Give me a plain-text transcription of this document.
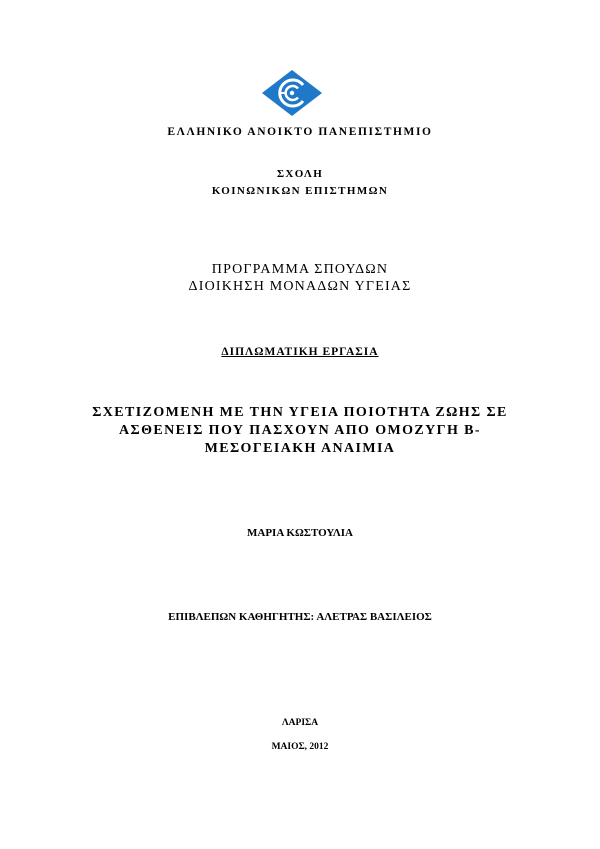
ΕΛΛΗΝΙΚΟ ΑΝΟΙΚΤΟ ΠΑΝΕΠΙΣΤΗΜΙΟ
ΣΧΟΛΗ
ΚΟΙΝΩΝΙΚΩΝ ΕΠΙΣΤΗΜΩΝ
ΠΡΟΓΡΑΜΜΑ ΣΠΟΥΔΩΝ
ΔΙΟΙΚΗΣΗ ΜΟΝΑΔΩΝ ΥΓΕΙΑΣ
ΔΙΠΛΩΜΑΤΙΚΗ ΕΡΓΑΣΙΑ
ΣΧΕΤΙΖΟΜΕΝΗ ΜΕ ΤΗΝ ΥΓΕΙΑ ΠΟΙΟΤΗΤΑ ΖΩΗΣ ΣΕ
ΑΣΘΕΝΕΙΣ ΠΟΥ ΠΑΣΧΟΥΝ ΑΠΟ ΟΜΟΖΥΓΗ Β-
ΜΕΣΟΓΕΙΑΚΗ ΑΝΑΙΜΙΑ
ΜΑΡΙΑ ΚΩΣΤΟΥΛΙΑ
ΕΠΙΒΛΕΠΩΝ ΚΑΘΗΓΗΤΗΣ: ΑΛΕΤΡΑΣ ΒΑΣΙΛΕΙΟΣ
ΛΑΡΙΣΑ
ΜΑΙΟΣ, 2012
